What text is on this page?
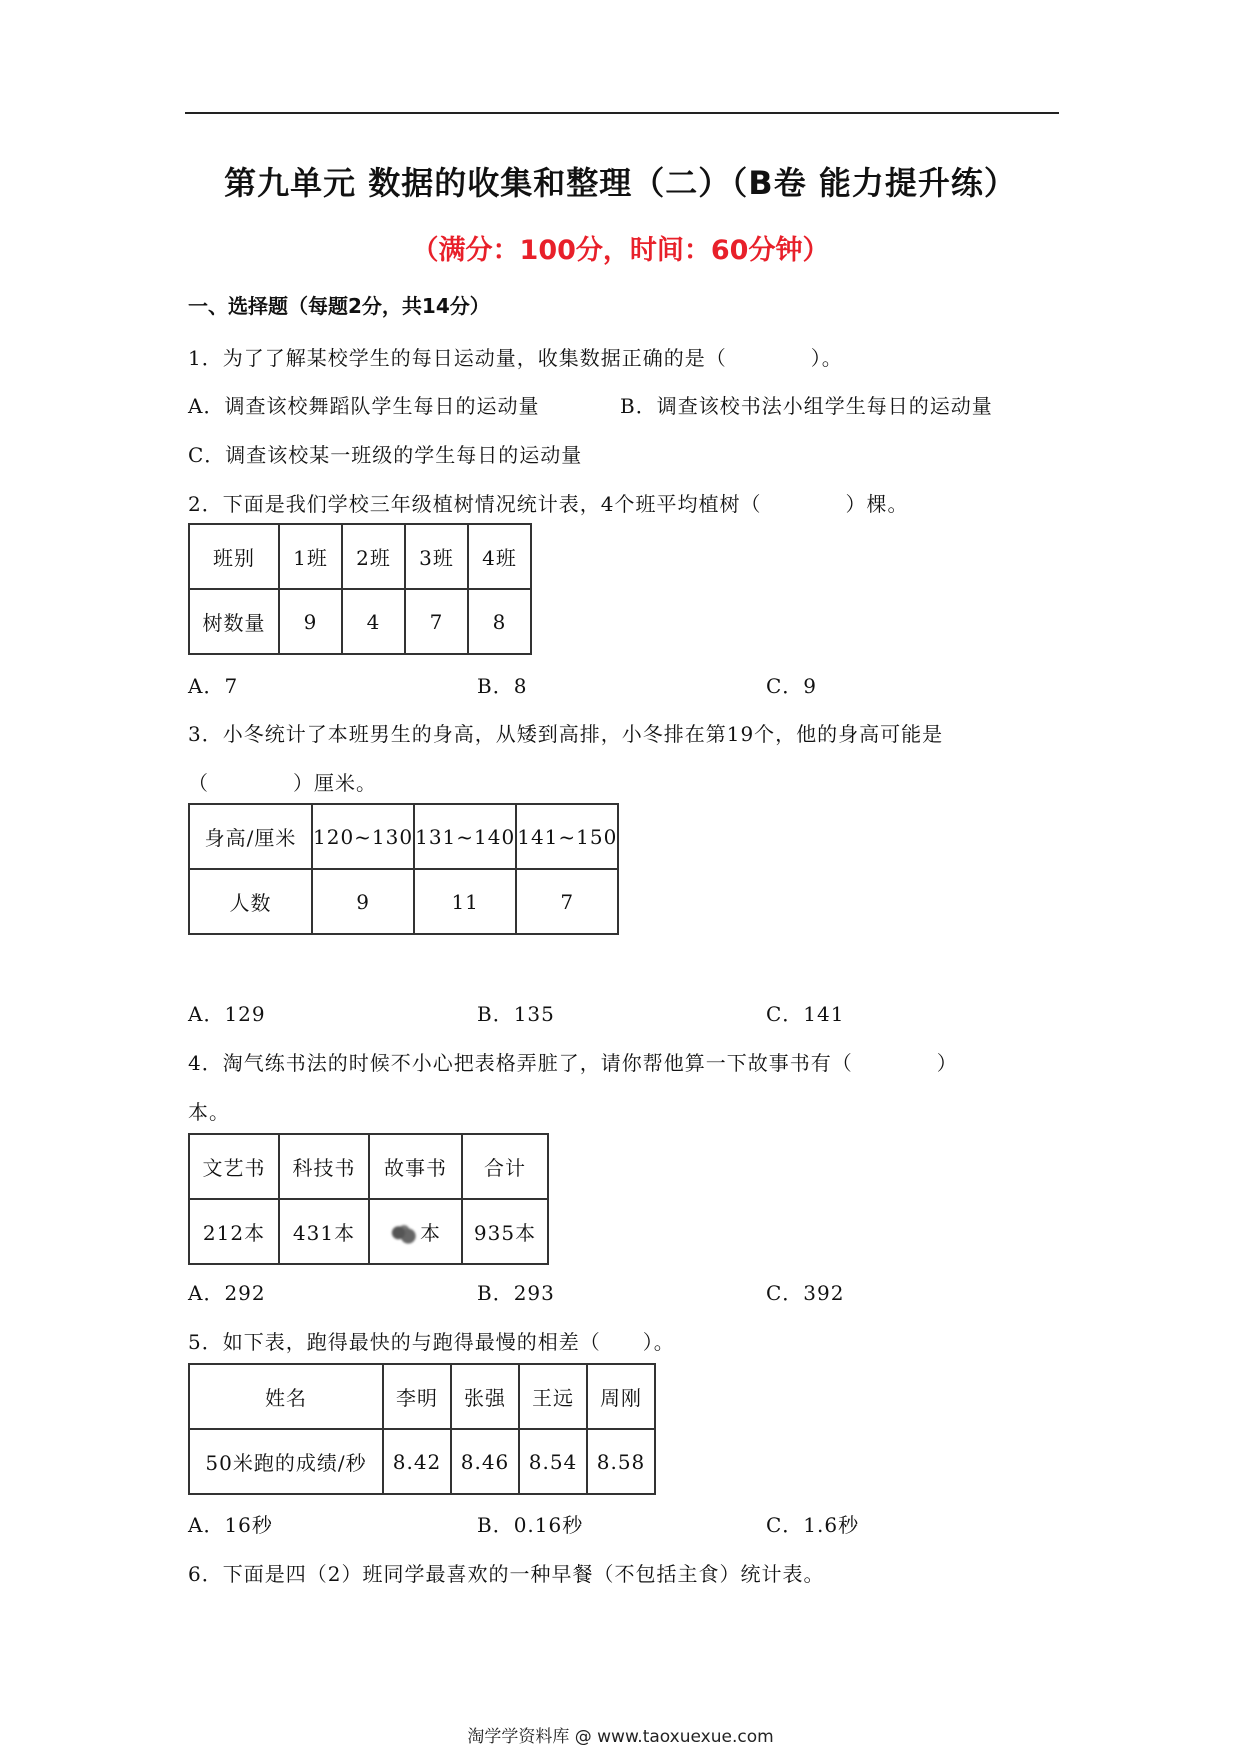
第九单元 数据的收集和整理（二）（B卷 能力提升练）
（满分：100分，时间：60分钟）
一、选择题（每题2分，共14分）
1．为了了解某校学生的每日运动量，收集数据正确的是（　　　　）。
A．调查该校舞蹈队学生每日的运动量	B．调查该校书法小组学生每日的运动量
C．调查该校某一班级的学生每日的运动量
2．下面是我们学校三年级植树情况统计表，4个班平均植树（　　　　）棵。
班别	1班	2班	3班	4班
树数量	9	4	7	8
A．7	B．8	C．9
3．小冬统计了本班男生的身高，从矮到高排，小冬排在第19个，他的身高可能是
（　　　　）厘米。
身高/厘米	120~130	131~140	141~150
人数	9	11	7
A．129	B．135	C．141
4．淘气练书法的时候不小心把表格弄脏了，请你帮他算一下故事书有（　　　　）
本。
文艺书	科技书	故事书	合计
212本	431本	本	935本
A．292	B．293	C．392
5．如下表，跑得最快的与跑得最慢的相差（　　）。
姓名	李明	张强	王远	周刚
50米跑的成绩/秒	8.42	8.46	8.54	8.58
A．16秒	B．0.16秒	C．1.6秒
6．下面是四（2）班同学最喜欢的一种早餐（不包括主食）统计表。
淘学学资料库 @ www.taoxuexue.com
